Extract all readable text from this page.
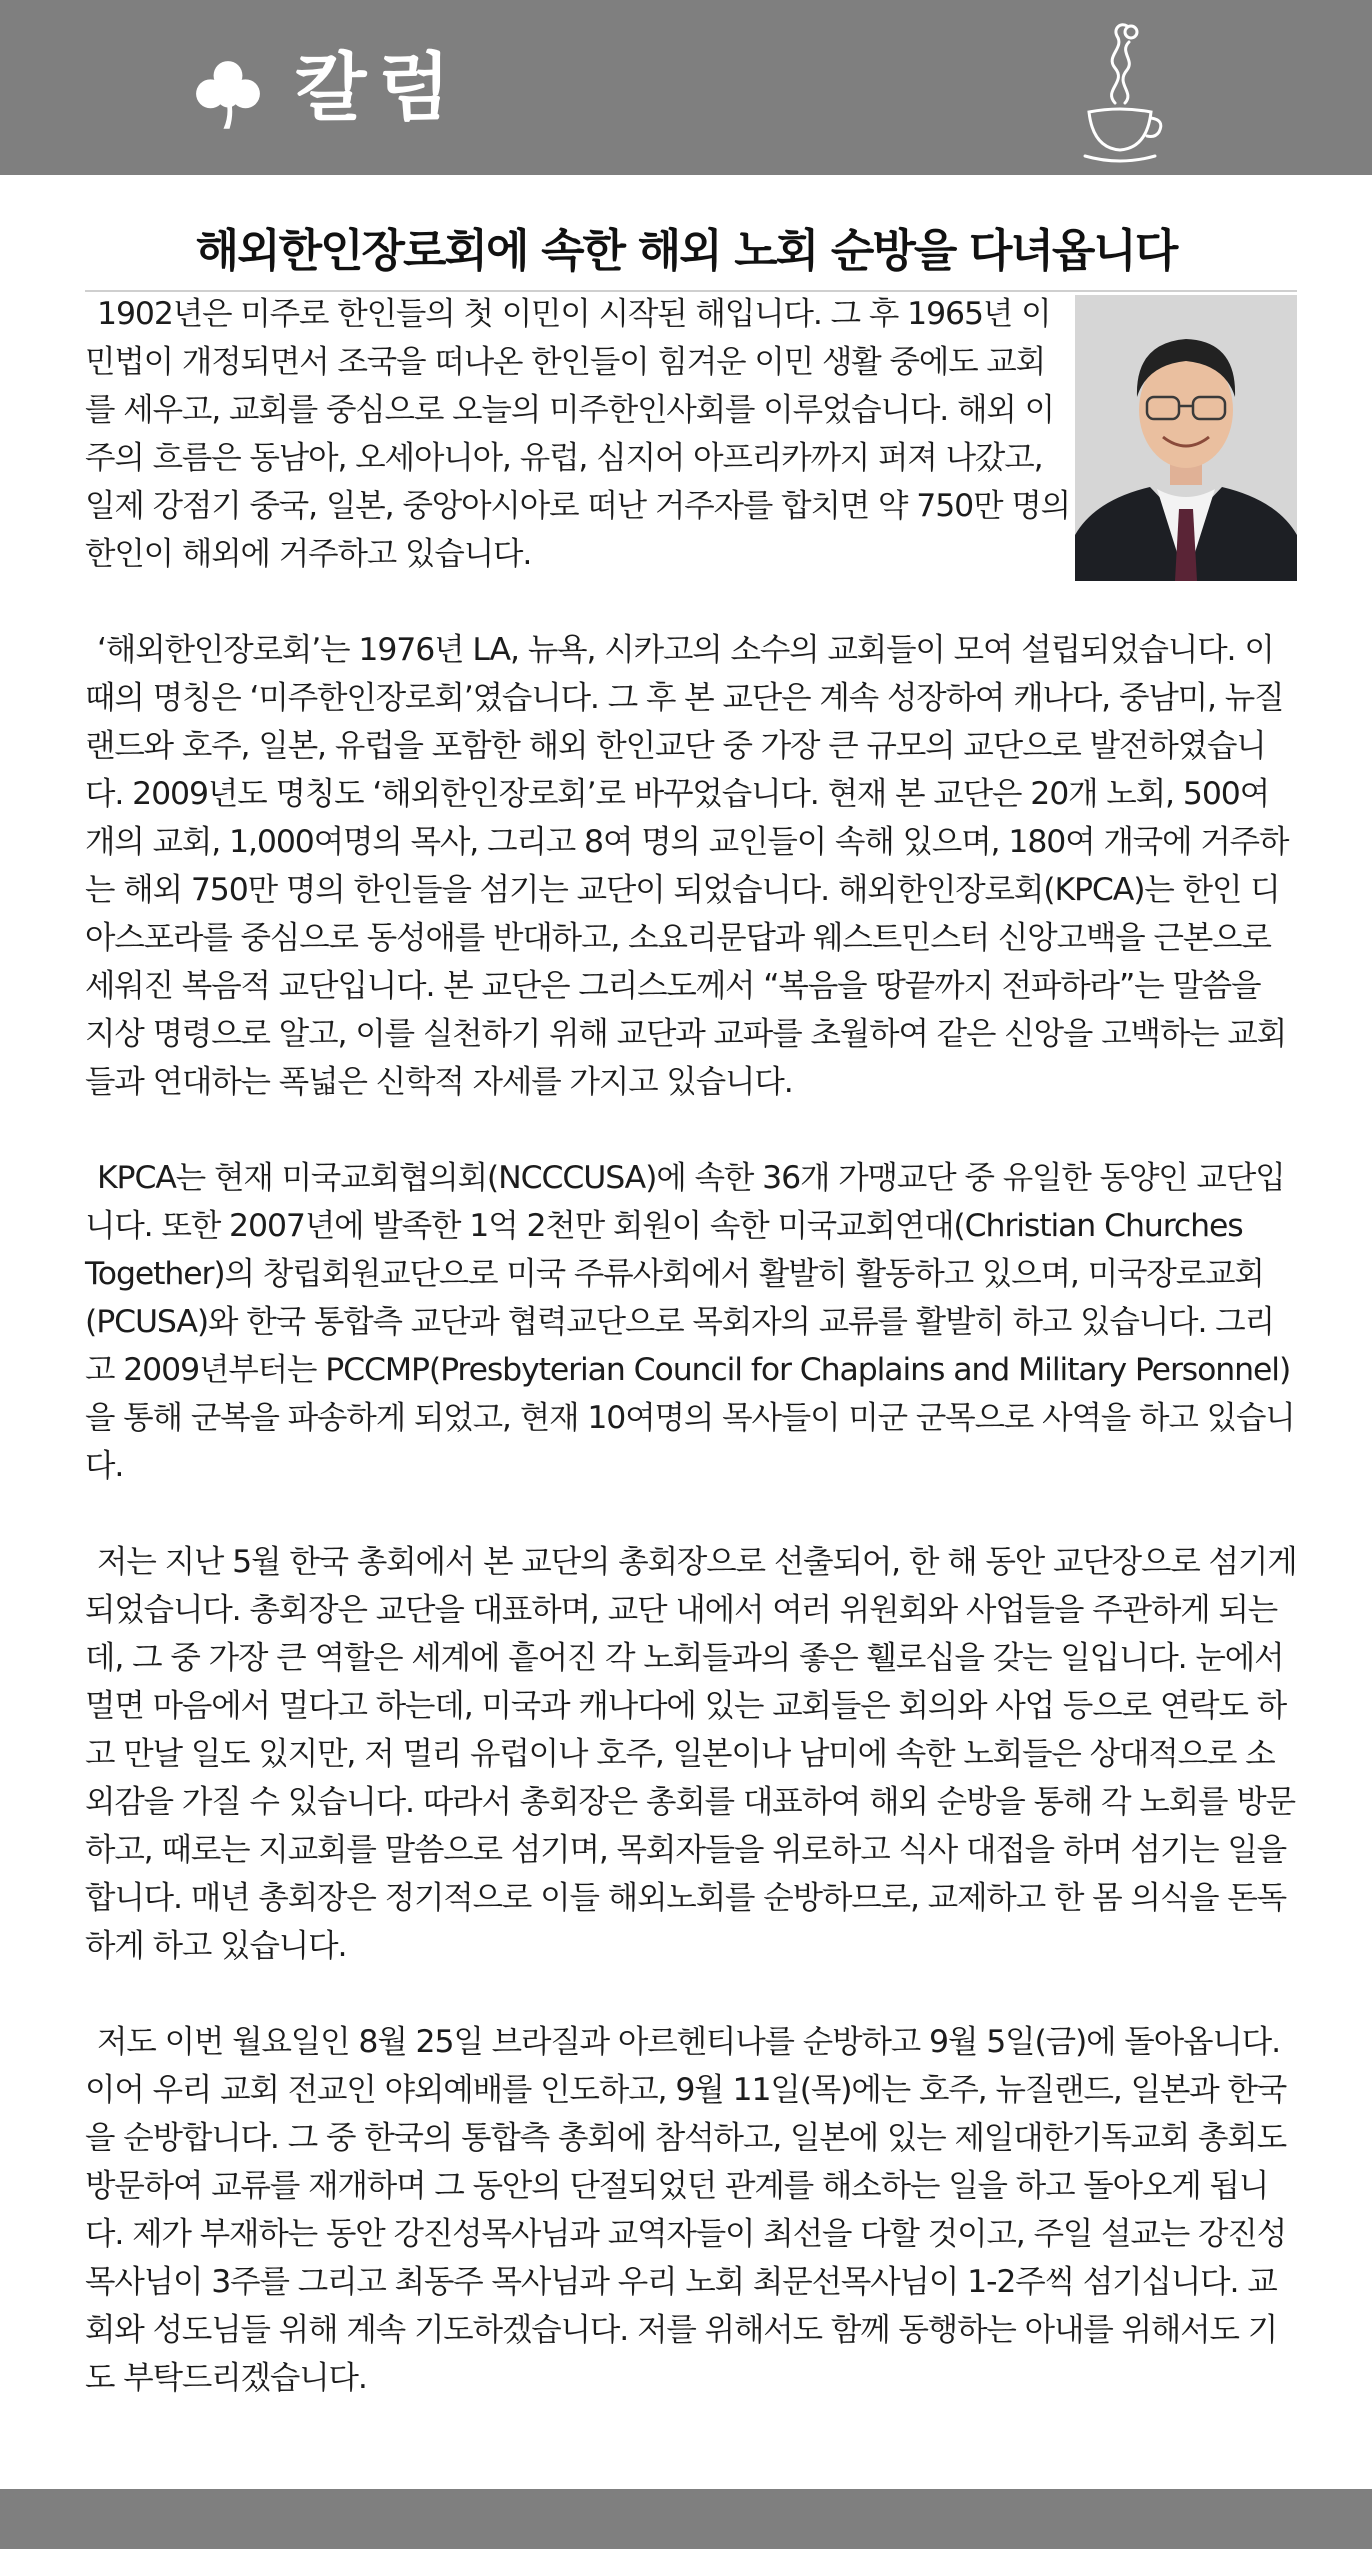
칼럼
해외한인장로회에 속한 해외 노회 순방을 다녀옵니다

1902년은 미주로 한인들의 첫 이민이 시작된 해입니다. 그 후 1965년 이민법이 개정되면서 조국을 떠나온 한인들이 힘겨운 이민 생활 중에도 교회를 세우고, 교회를 중심으로 오늘의 미주한인사회를 이루었습니다. 해외 이주의 흐름은 동남아, 오세아니아, 유럽, 심지어 아프리카까지 퍼져 나갔고, 일제 강점기 중국, 일본, 중앙아시아로 떠난 거주자를 합치면 약 750만 명의 한인이 해외에 거주하고 있습니다.

‘해외한인장로회’는 1976년 LA, 뉴욕, 시카고의 소수의 교회들이 모여 설립되었습니다. 이때의 명칭은 ‘미주한인장로회’였습니다. 그 후 본 교단은 계속 성장하여 캐나다, 중남미, 뉴질랜드와 호주, 일본, 유럽을 포함한 해외 한인교단 중 가장 큰 규모의 교단으로 발전하였습니다. 2009년도 명칭도 ‘해외한인장로회’로 바꾸었습니다. 현재 본 교단은 20개 노회, 500여개의 교회, 1,000여명의 목사, 그리고 8여 명의 교인들이 속해 있으며, 180여 개국에 거주하는 해외 750만 명의 한인들을 섬기는 교단이 되었습니다. 해외한인장로회(KPCA)는 한인 디아스포라를 중심으로 동성애를 반대하고, 소요리문답과 웨스트민스터 신앙고백을 근본으로 세워진 복음적 교단입니다. 본 교단은 그리스도께서 “복음을 땅끝까지 전파하라”는 말씀을 지상 명령으로 알고, 이를 실천하기 위해 교단과 교파를 초월하여 같은 신앙을 고백하는 교회들과 연대하는 폭넓은 신학적 자세를 가지고 있습니다.

KPCA는 현재 미국교회협의회(NCCCUSA)에 속한 36개 가맹교단 중 유일한 동양인 교단입니다. 또한 2007년에 발족한 1억 2천만 회원이 속한 미국교회연대(Christian Churches Together)의 창립회원교단으로 미국 주류사회에서 활발히 활동하고 있으며, 미국장로교회(PCUSA)와 한국 통합측 교단과 협력교단으로 목회자의 교류를 활발히 하고 있습니다. 그리고 2009년부터는 PCCMP(Presbyterian Council for Chaplains and Military Personnel)을 통해 군복을 파송하게 되었고, 현재 10여명의 목사들이 미군 군목으로 사역을 하고 있습니다.

저는 지난 5월 한국 총회에서 본 교단의 총회장으로 선출되어, 한 해 동안 교단장으로 섬기게 되었습니다. 총회장은 교단을 대표하며, 교단 내에서 여러 위원회와 사업들을 주관하게 되는데, 그 중 가장 큰 역할은 세계에 흩어진 각 노회들과의 좋은 휄로십을 갖는 일입니다. 눈에서 멀면 마음에서 멀다고 하는데, 미국과 캐나다에 있는 교회들은 회의와 사업 등으로 연락도 하고 만날 일도 있지만, 저 멀리 유럽이나 호주, 일본이나 남미에 속한 노회들은 상대적으로 소외감을 가질 수 있습니다. 따라서 총회장은 총회를 대표하여 해외 순방을 통해 각 노회를 방문하고, 때로는 지교회를 말씀으로 섬기며, 목회자들을 위로하고 식사 대접을 하며 섬기는 일을 합니다. 매년 총회장은 정기적으로 이들 해외노회를 순방하므로, 교제하고 한 몸 의식을 돈독하게 하고 있습니다.

저도 이번 월요일인 8월 25일 브라질과 아르헨티나를 순방하고 9월 5일(금)에 돌아옵니다. 이어 우리 교회 전교인 야외예배를 인도하고, 9월 11일(목)에는 호주, 뉴질랜드, 일본과 한국을 순방합니다. 그 중 한국의 통합측 총회에 참석하고, 일본에 있는 제일대한기독교회 총회도 방문하여 교류를 재개하며 그 동안의 단절되었던 관계를 해소하는 일을 하고 돌아오게 됩니다. 제가 부재하는 동안 강진성목사님과 교역자들이 최선을 다할 것이고, 주일 설교는 강진성목사님이 3주를 그리고 최동주 목사님과 우리 노회 최문선목사님이 1-2주씩 섬기십니다. 교회와 성도님들 위해 계속 기도하겠습니다. 저를 위해서도 함께 동행하는 아내를 위해서도 기도 부탁드리겠습니다.
